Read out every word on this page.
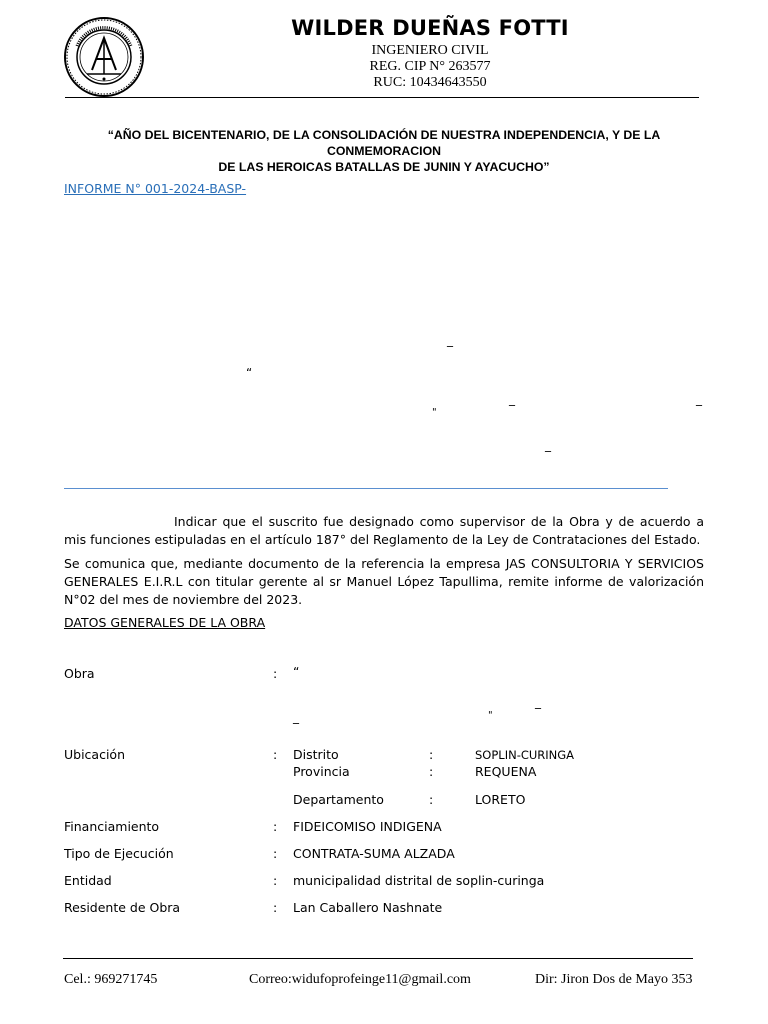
WILDER DUEÑAS FOTTI
INGENIERO CIVIL
REG. CIP N° 263577
RUC: 10434643550
“AÑO DEL BICENTENARIO, DE LA CONSOLIDACIÓN DE NUESTRA INDEPENDENCIA, Y DE LA CONMEMORACION
DE LAS HEROICAS BATALLAS DE JUNIN Y AYACUCHO”
INFORME N° 001-2024-BASP-
_
“
_	_
"
_
Indicar que el suscrito fue designado como supervisor de la Obra y de acuerdo a mis funciones estipuladas en el artículo 187° del Reglamento de la Ley de Contrataciones del Estado.
Se comunica que, mediante documento de la referencia la empresa JAS CONSULTORIA Y SERVICIOS GENERALES E.I.R.L con titular gerente al sr Manuel López Tapullima, remite informe de valorización N°02 del mes de noviembre del 2023.
DATOS GENERALES DE LA OBRA
Obra	: “
_
_	"
Ubicación	: Distrito	:	SOPLIN-CURINGA
Provincia	:	REQUENA
Departamento	:	LORETO
Financiamiento	: FIDEICOMISO INDIGENA
Tipo de Ejecución	: CONTRATA-SUMA ALZADA
Entidad	: municipalidad distrital de soplin-curinga
Residente de Obra	: Lan Caballero Nashnate
Cel.: 969271745	Correo:widufoprofeinge11@gmail.com	Dir: Jiron Dos de Mayo 353
